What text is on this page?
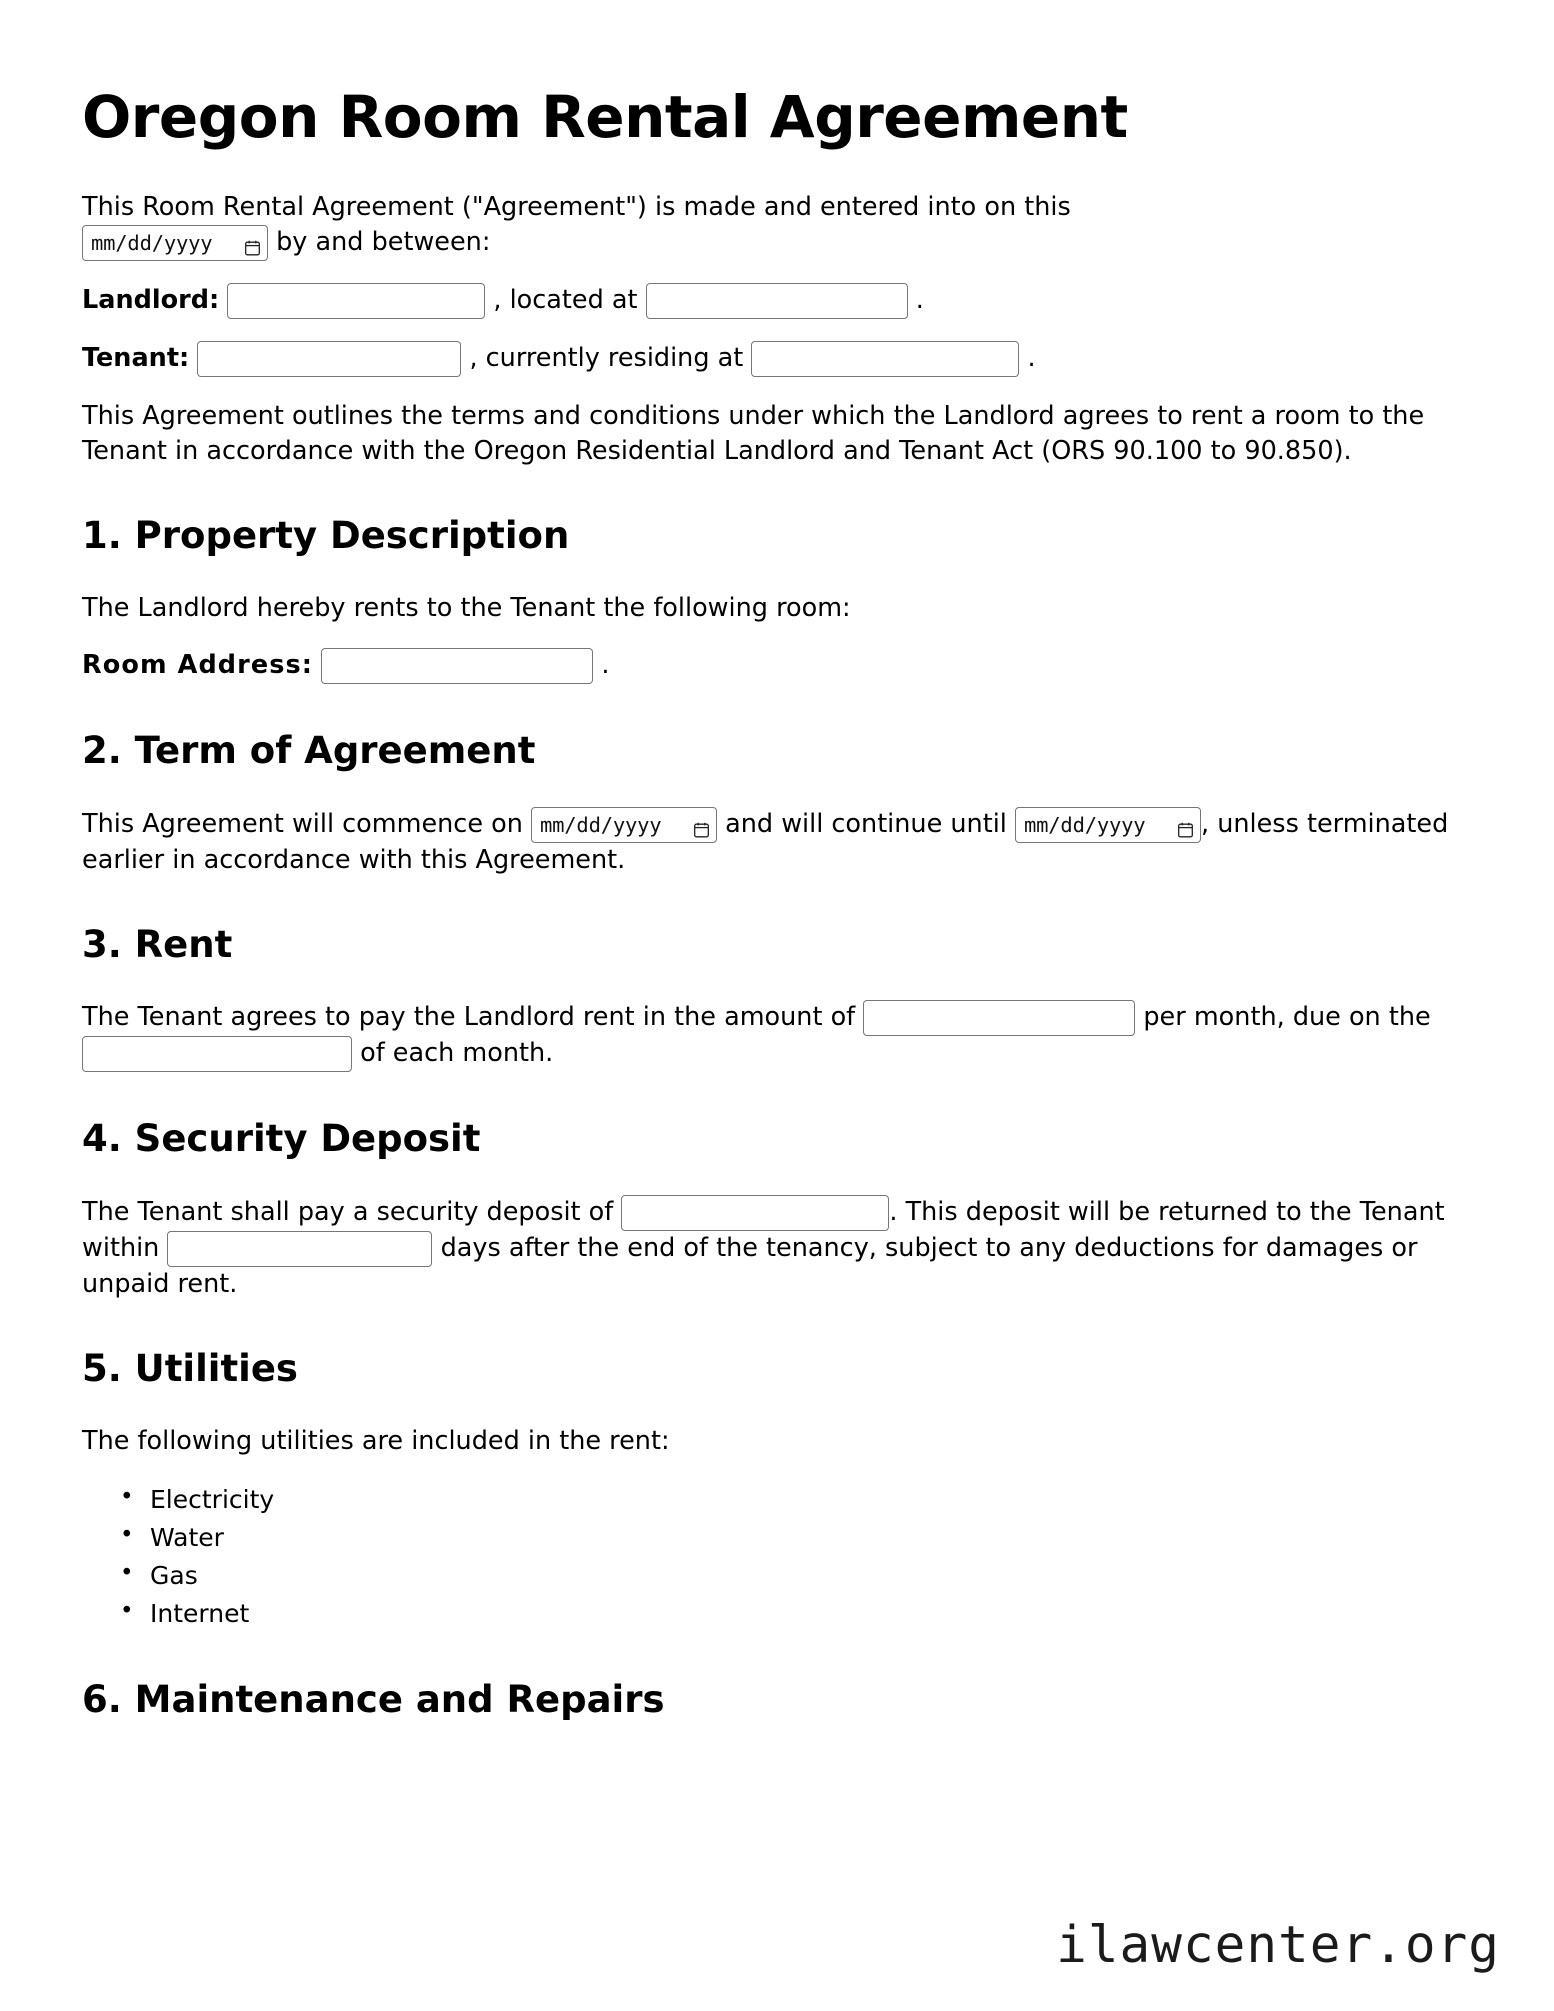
Oregon Room Rental Agreement

This Room Rental Agreement ("Agreement") is made and entered into on this

mm/dd/yyyy by and between:

Landlord:	, located at	.

Tenant:	, currently residing at	.

This Agreement outlines the terms and conditions under which the Landlord agrees to rent a room to the Tenant in accordance with the Oregon Residential Landlord and Tenant Act (ORS 90.100 to 90.850).

1. Property Description

The Landlord hereby rents to the Tenant the following room:

Room Address:	.

2. Term of Agreement

This Agreement will commence on mm/dd/yyyy and will continue until mm/dd/yyyy , unless terminated earlier in accordance with this Agreement.

3. Rent

The Tenant agrees to pay the Landlord rent in the amount of	per month, due on the  of each month.

4. Security Deposit

The Tenant shall pay a security deposit of	. This deposit will be returned to the Tenant within	days after the end of the tenancy, subject to any deductions for damages or unpaid rent.

5. Utilities

The following utilities are included in the rent:

• Electricity
• Water
• Gas
• Internet
6. Maintenance and Repairs
ilawcenter.org
